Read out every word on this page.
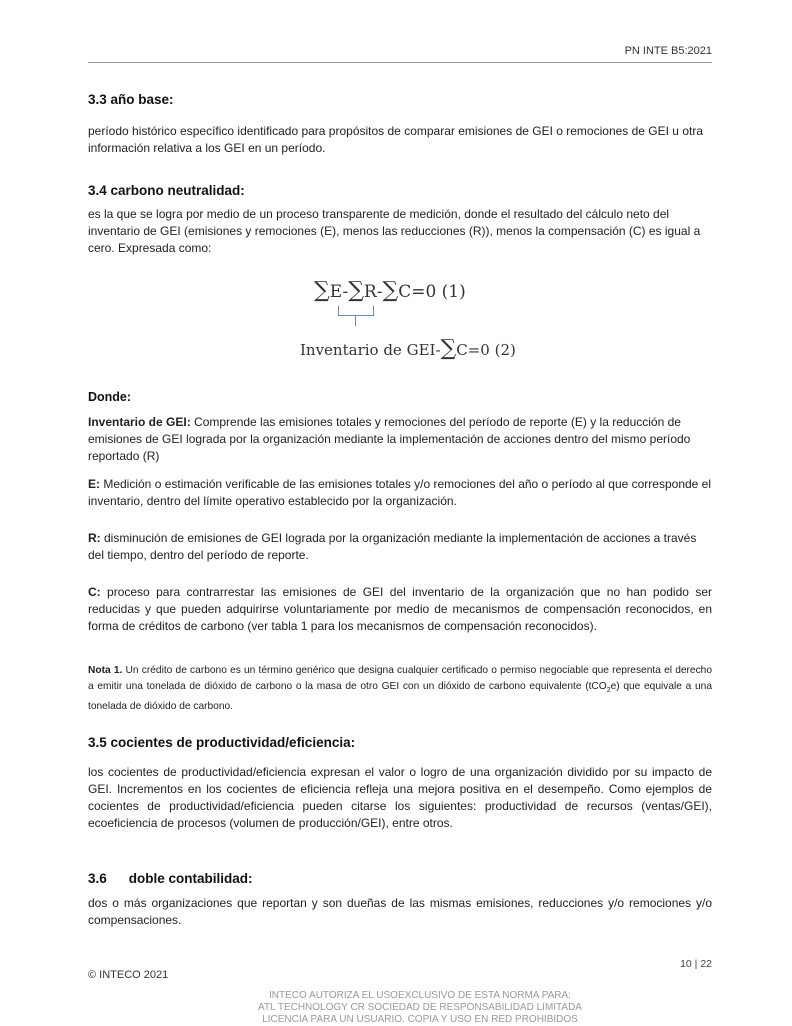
PN INTE B5:2021
3.3 año base:

período histórico específico identificado para propósitos de comparar emisiones de GEI o remociones de GEI u otra información relativa a los GEI en un período.

3.4 carbono neutralidad:

es la que se logra por medio de un proceso transparente de medición, donde el resultado del cálculo neto del inventario de GEI (emisiones y remociones (E), menos las reducciones (R)), menos la compensación (C) es igual a cero. Expresada como:

∑E-∑R-∑C=0 (1)
Inventario de GEI-∑C=0 (2)
Donde:

Inventario de GEI: Comprende las emisiones totales y remociones del período de reporte (E) y la reducción de emisiones de GEI lograda por la organización mediante la implementación de acciones dentro del mismo período reportado (R)

E: Medición o estimación verificable de las emisiones totales y/o remociones del año o período al que corresponde el inventario, dentro del límite operativo establecido por la organización.

R: disminución de emisiones de GEI lograda por la organización mediante la implementación de acciones a través del tiempo, dentro del período de reporte.

C: proceso para contrarrestar las emisiones de GEI del inventario de la organización que no han podido ser reducidas y que pueden adquirirse voluntariamente por medio de mecanismos de compensación reconocidos, en forma de créditos de carbono (ver tabla 1 para los mecanismos de compensación reconocidos).

Nota 1. Un crédito de carbono es un término genérico que designa cualquier certificado o permiso negociable que representa el derecho a emitir una tonelada de dióxido de carbono o la masa de otro GEI con un dióxido de carbono equivalente (tCO$_2$e) que equivale a una tonelada de dióxido de carbono.

3.5 cocientes de productividad/eficiencia:

los cocientes de productividad/eficiencia expresan el valor o logro de una organización dividido por su impacto de GEI. Incrementos en los cocientes de eficiencia refleja una mejora positiva en el desempeño. Como ejemplos de cocientes de productividad/eficiencia pueden citarse los siguientes: productividad de recursos (ventas/GEI), ecoeficiencia de procesos (volumen de producción/GEI), entre otros.

3.6 doble contabilidad:

dos o más organizaciones que reportan y son dueñas de las mismas emisiones, reducciones y/o remociones y/o compensaciones.

10 | 22
© INTECO 2021
INTECO AUTORIZA EL USOEXCLUSIVO DE ESTA NORMA PARA:
ATL TECHNOLOGY CR SOCIEDAD DE RESPONSABILIDAD LIMITADA
LICENCIA PARA UN USUARIO. COPIA Y USO EN RED PROHIBIDOS
